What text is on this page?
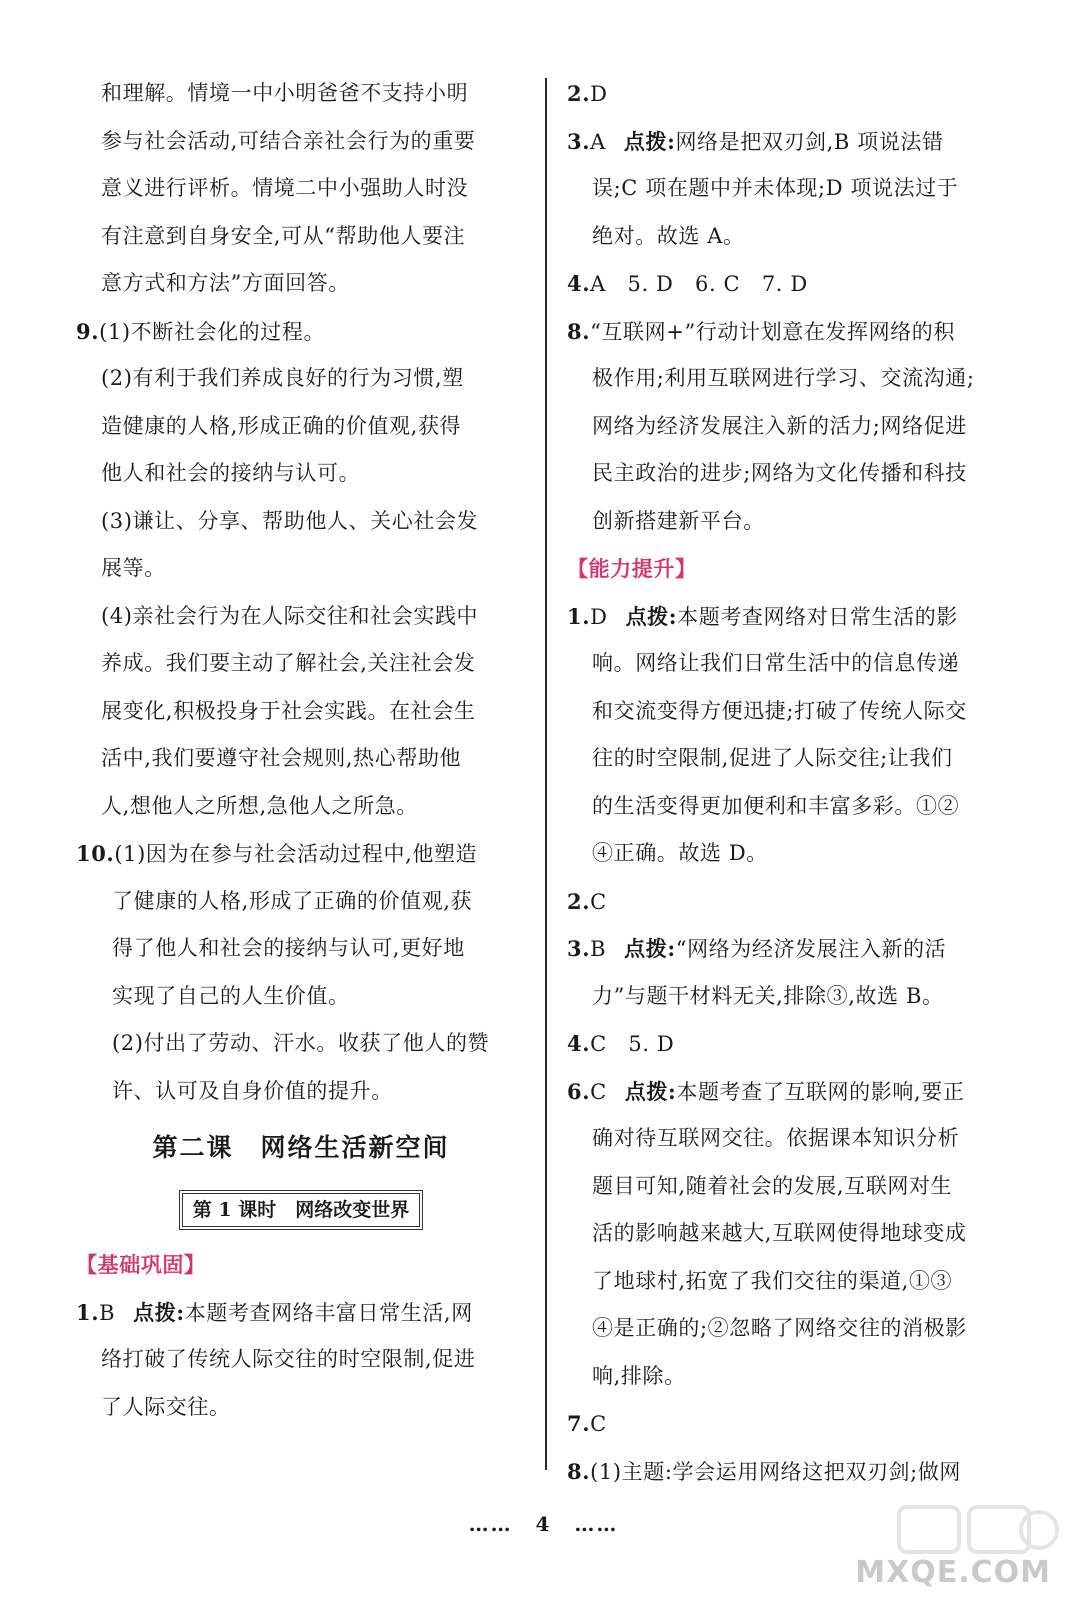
和理解。情境一中小明爸爸不支持小明
参与社会活动,可结合亲社会行为的重要
意义进行评析。情境二中小强助人时没
有注意到自身安全,可从“帮助他人要注
意方式和方法”方面回答。
9.(1)不断社会化的过程。
(2)有利于我们养成良好的行为习惯,塑
造健康的人格,形成正确的价值观,获得
他人和社会的接纳与认可。
(3)谦让、分享、帮助他人、关心社会发
展等。
(4)亲社会行为在人际交往和社会实践中
养成。我们要主动了解社会,关注社会发
展变化,积极投身于社会实践。在社会生
活中,我们要遵守社会规则,热心帮助他
人,想他人之所想,急他人之所急。
10.(1)因为在参与社会活动过程中,他塑造
了健康的人格,形成了正确的价值观,获
得了他人和社会的接纳与认可,更好地
实现了自己的人生价值。
(2)付出了劳动、汗水。收获了他人的赞
许、认可及自身价值的提升。
第二课　网络生活新空间
第 1 课时　网络改变世界
【基础巩固】
1.B 点拨:本题考查网络丰富日常生活,网
络打破了传统人际交往的时空限制,促进
了人际交往。
2.D
3.A 点拨:网络是把双刃剑,B 项说法错
误;C 项在题中并未体现;D 项说法过于
绝对。故选 A。
4.A　5. D　6. C　7. D
8.“互联网+”行动计划意在发挥网络的积
极作用;利用互联网进行学习、交流沟通;
网络为经济发展注入新的活力;网络促进
民主政治的进步;网络为文化传播和科技
创新搭建新平台。
【能力提升】
1.D 点拨:本题考查网络对日常生活的影
响。网络让我们日常生活中的信息传递
和交流变得方便迅捷;打破了传统人际交
往的时空限制,促进了人际交往;让我们
的生活变得更加便利和丰富多彩。①②
④正确。故选 D。
2.C
3.B 点拨:“网络为经济发展注入新的活
力”与题干材料无关,排除③,故选 B。
4.C　5. D
6.C 点拨:本题考查了互联网的影响,要正
确对待互联网交往。依据课本知识分析
题目可知,随着社会的发展,互联网对生
活的影响越来越大,互联网使得地球变成
了地球村,拓宽了我们交往的渠道,①③
④是正确的;②忽略了网络交往的消极影
响,排除。
7.C
8.(1)主题:学会运用网络这把双刃剑;做网
…… 4 ……
MXQE.COM
